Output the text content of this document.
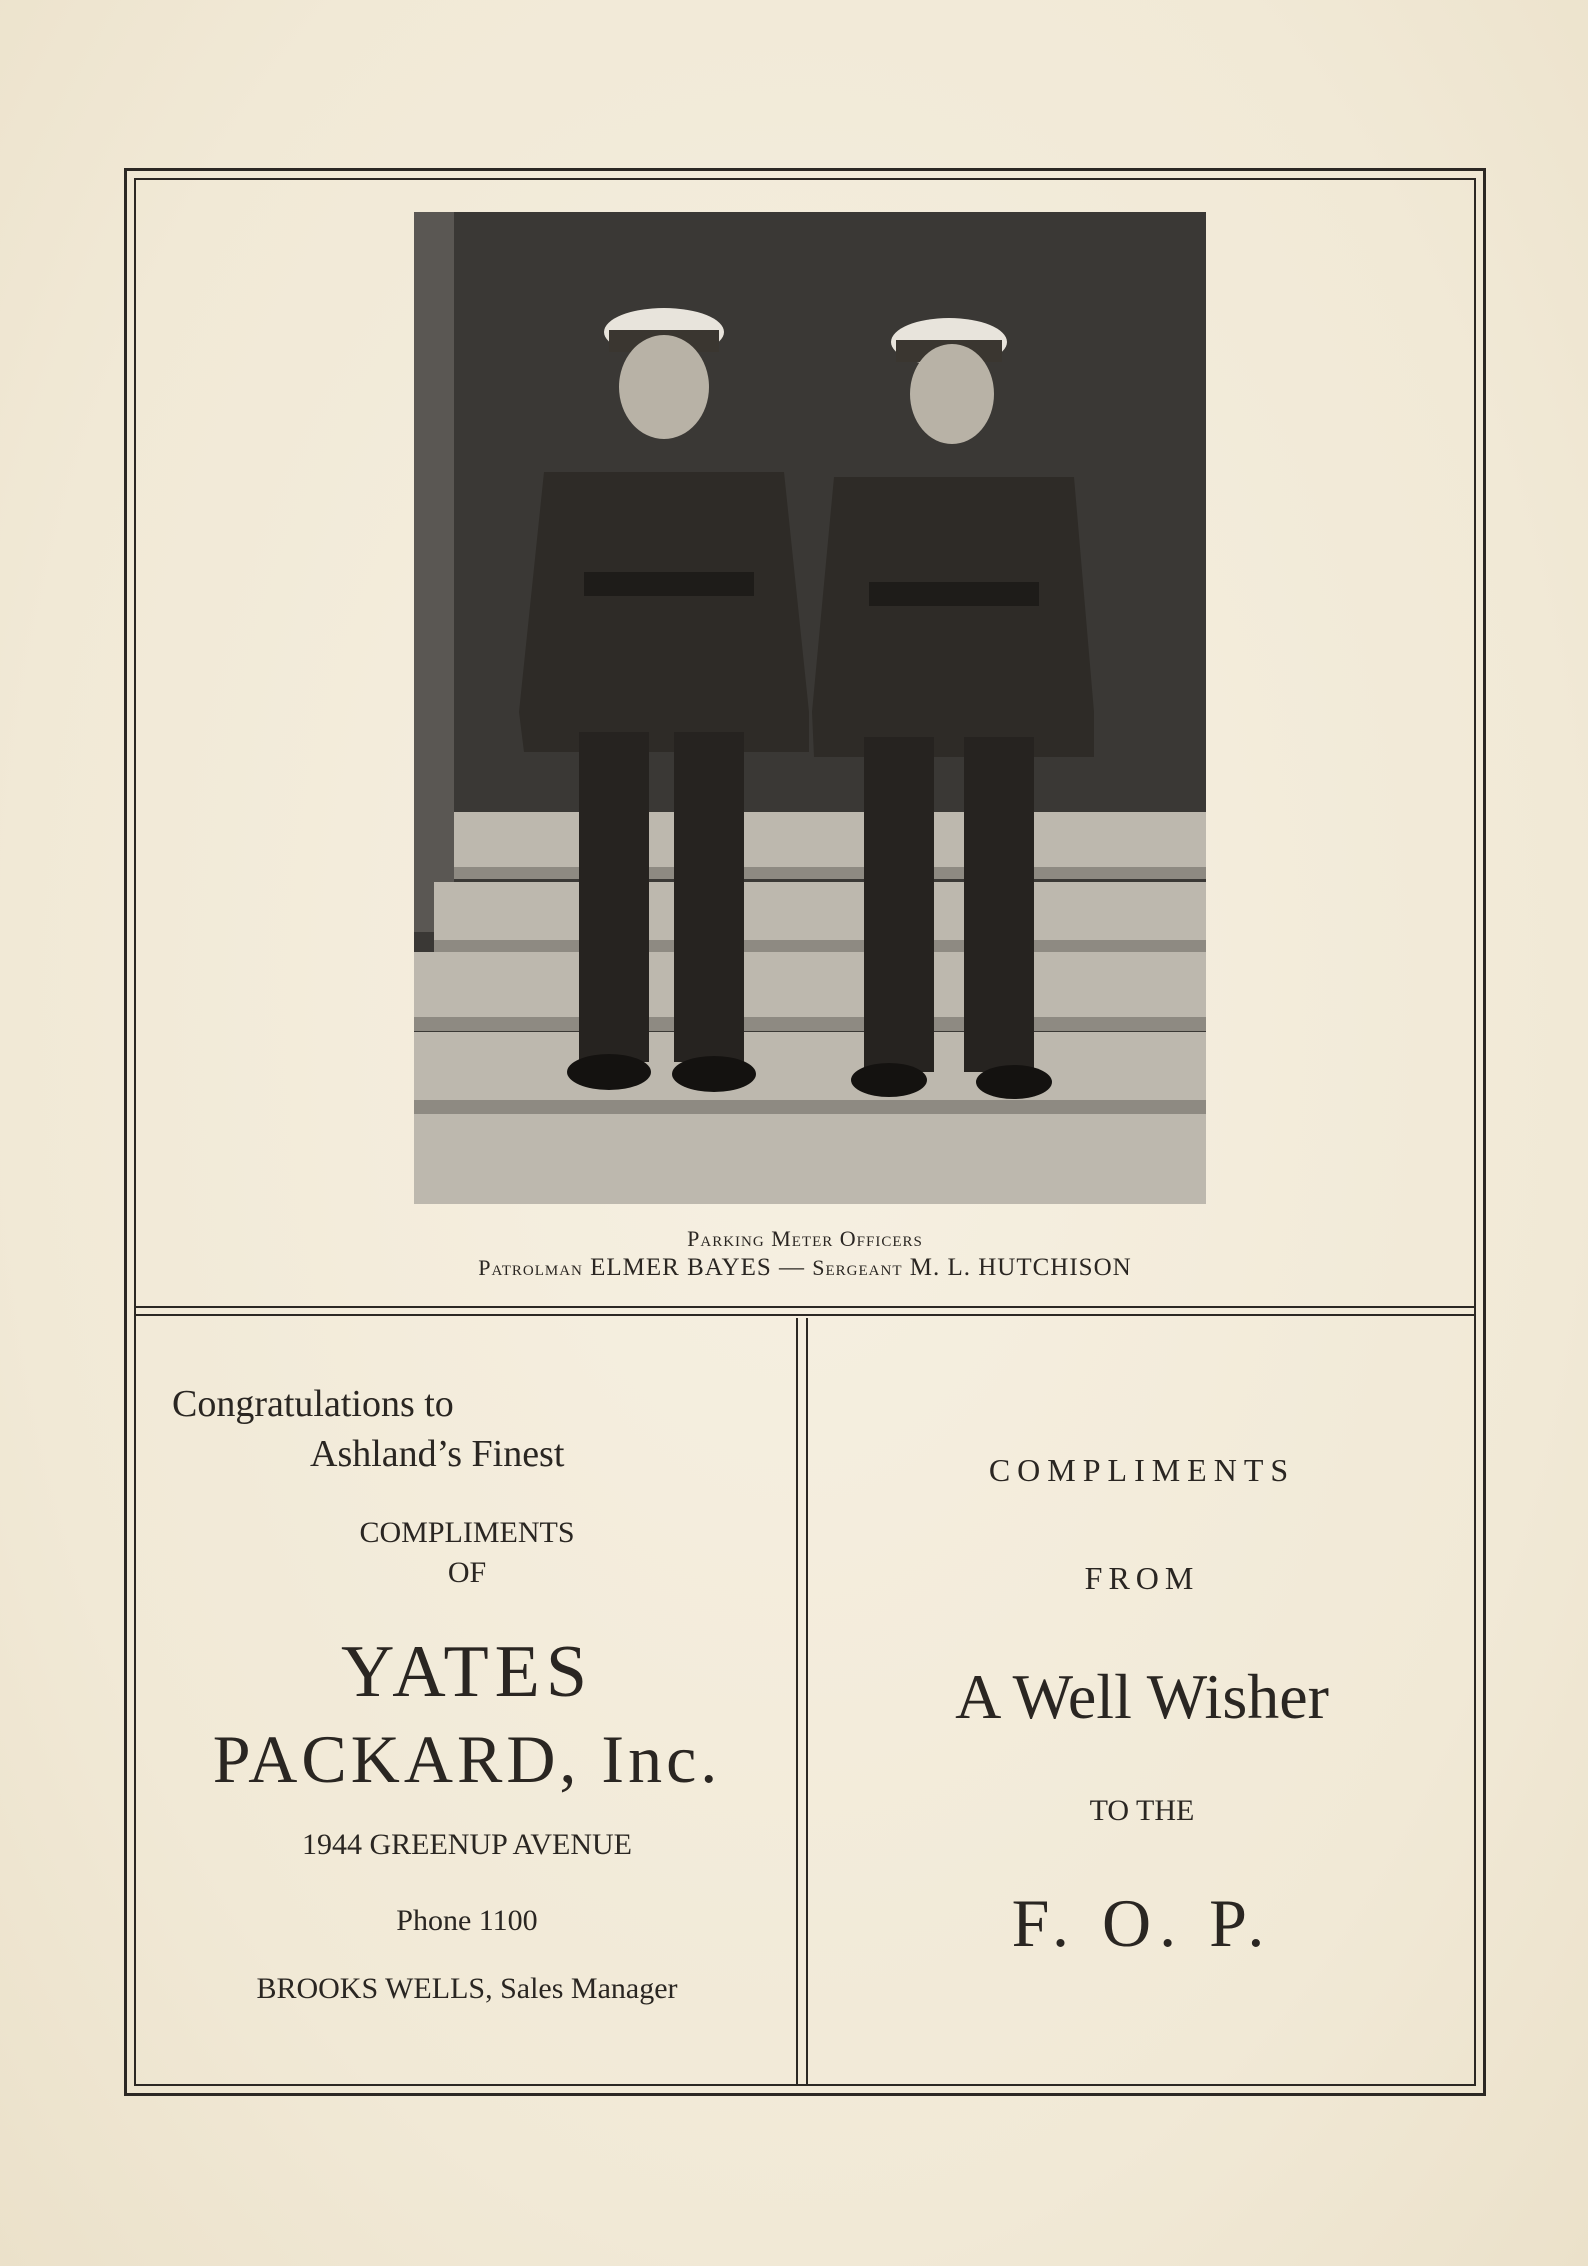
Parking Meter Officers
Patrolman ELMER BAYES — Sergeant M. L. HUTCHISON
Congratulations to
Ashland’s Finest
COMPLIMENTS
OF
YATES
PACKARD, Inc.
1944 GREENUP AVENUE
Phone 1100
BROOKS WELLS, Sales Manager
COMPLIMENTS
FROM
A Well Wisher
TO THE
F. O. P.
